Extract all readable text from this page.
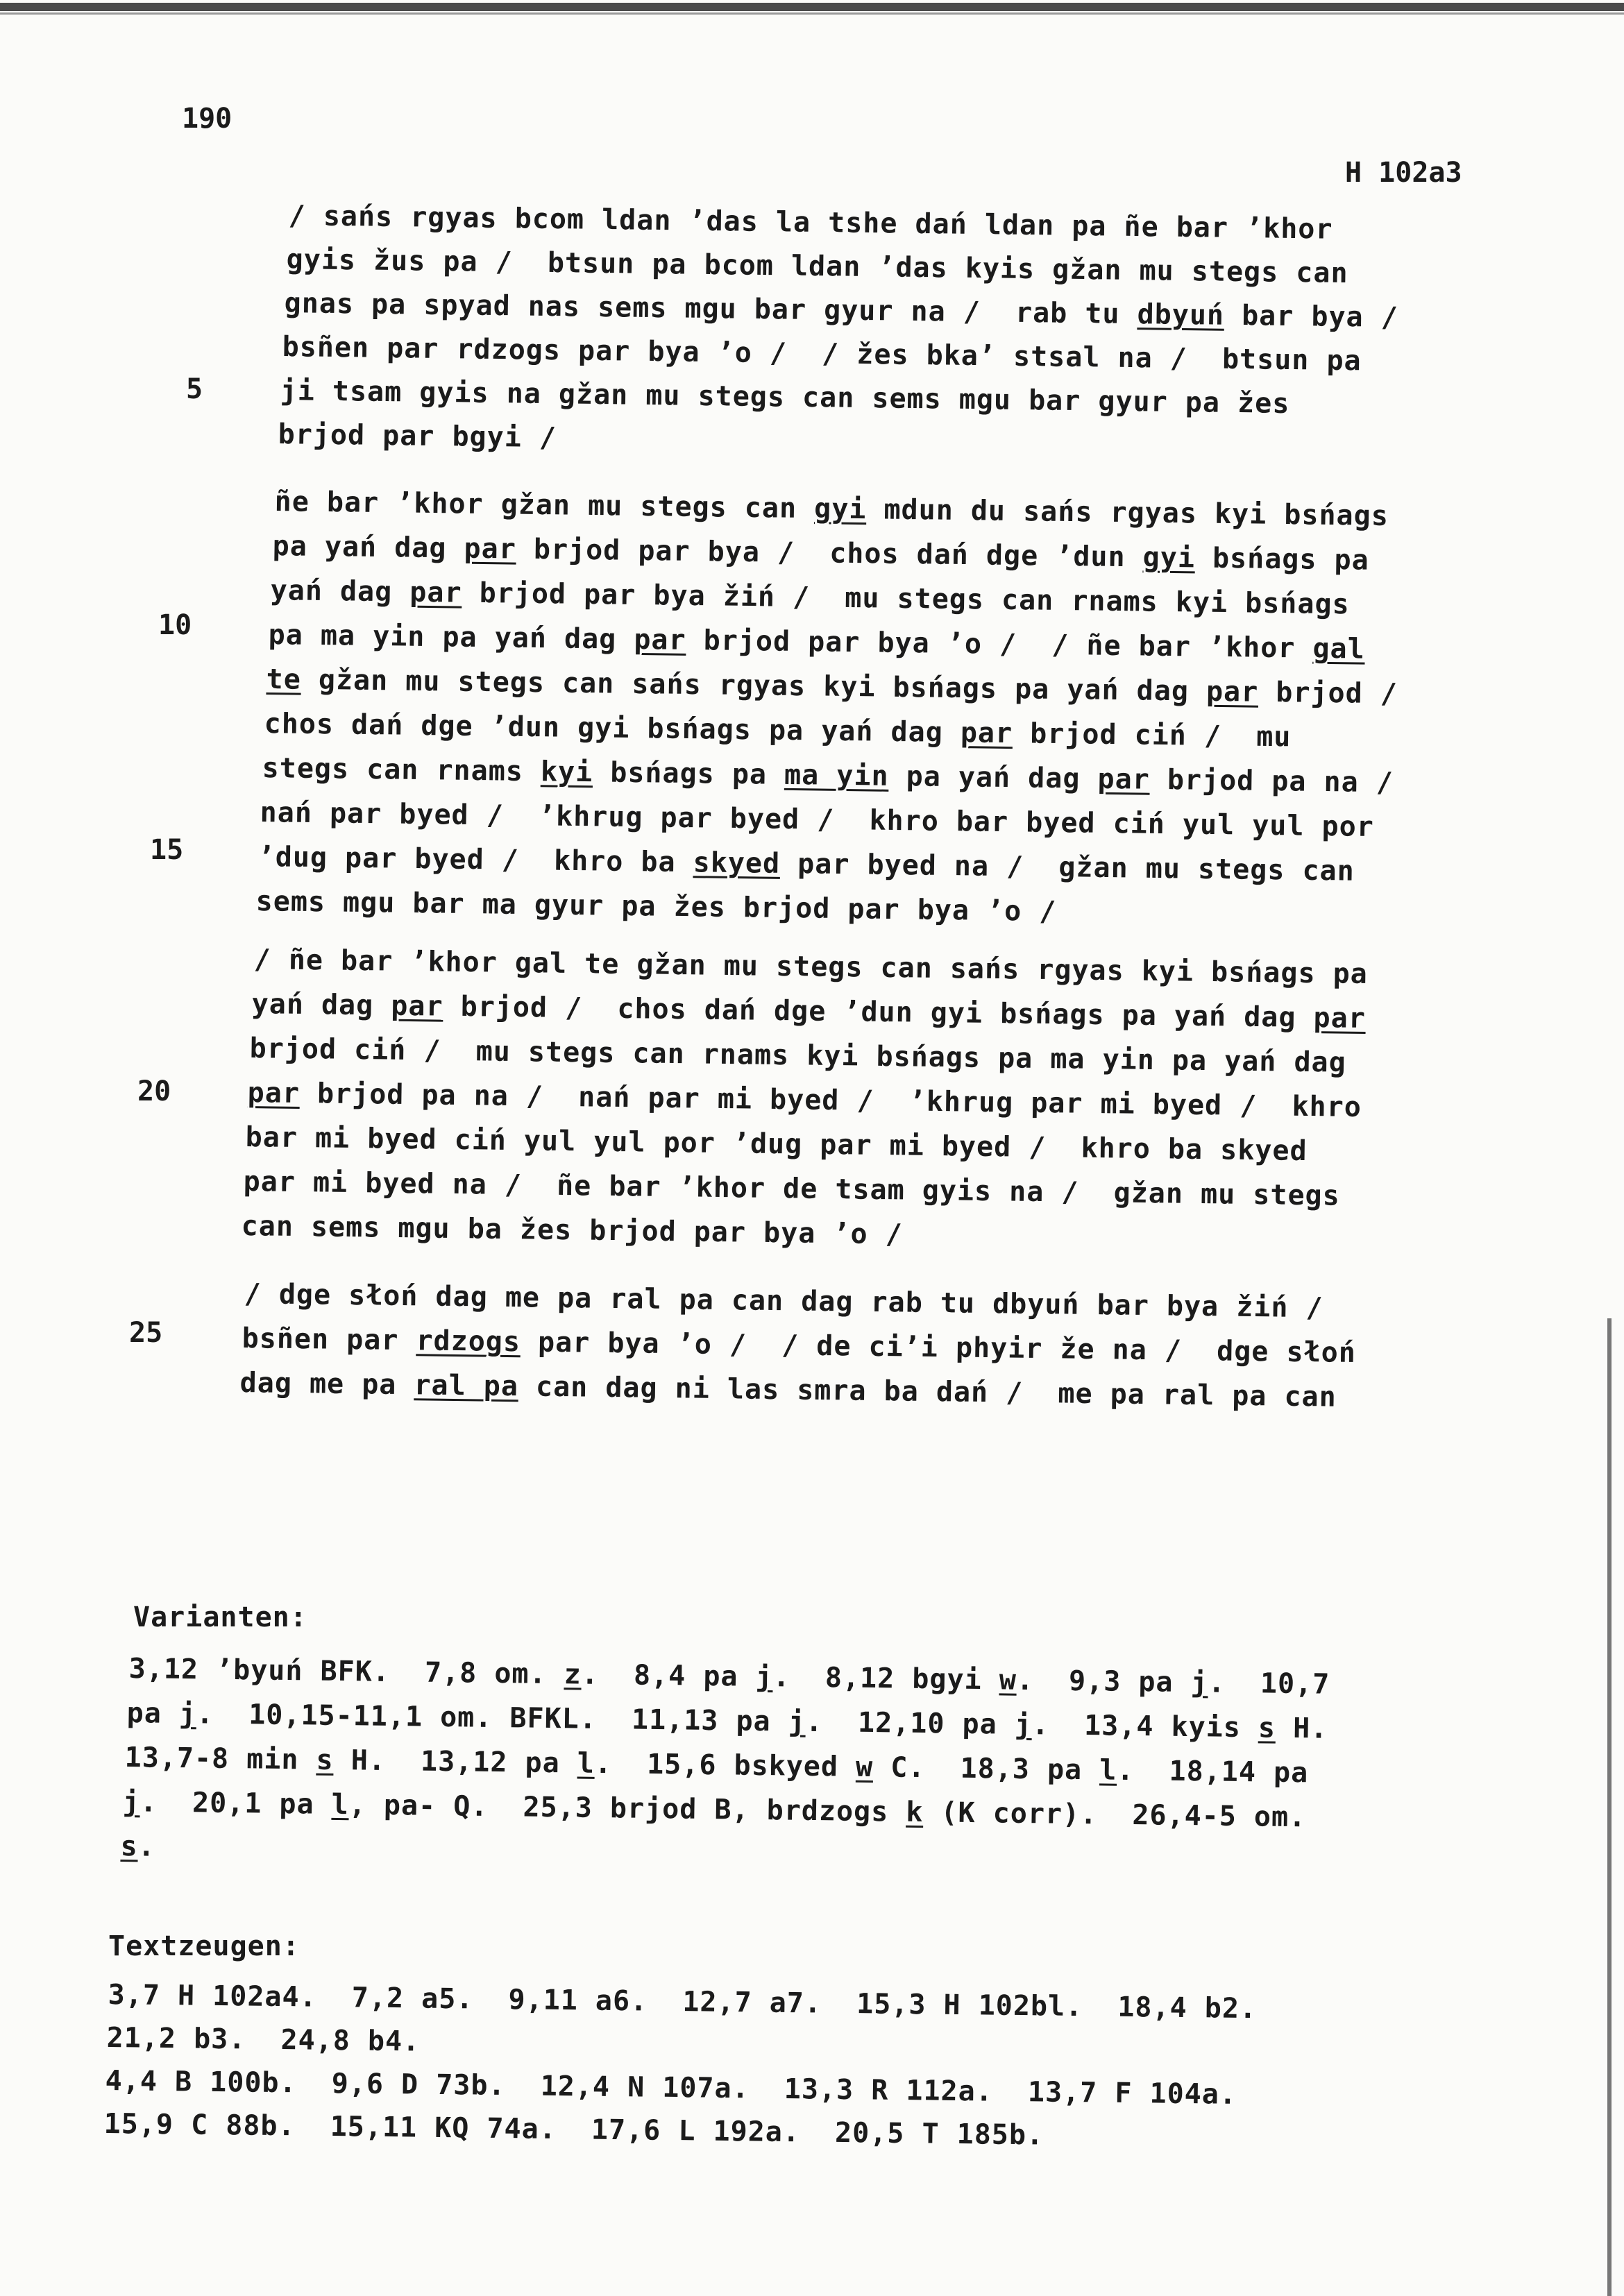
190
H 102a3
5
10
15
20
25
Varianten:
3,12 ’byuń BFK.  7,8 om. z.  8,4 pa j.  8,12 bgyi w.  9,3 pa j.  10,7
pa j.  10,15-11,1 om. BFKL.  11,13 pa j.  12,10 pa j.  13,4 kyis s H.
13,7-8 min s H.  13,12 pa l.  15,6 bskyed w C.  18,3 pa l.  18,14 pa
j.  20,1 pa l, pa- Q.  25,3 brjod B, brdzogs k (K corr).  26,4-5 om.
s.
Textzeugen:
3,7 H 102a4.  7,2 a5.  9,11 a6.  12,7 a7.  15,3 H 102bl.  18,4 b2.
21,2 b3.  24,8 b4.
4,4 B 100b.  9,6 D 73b.  12,4 N 107a.  13,3 R 112a.  13,7 F 104a.
15,9 C 88b.  15,11 KQ 74a.  17,6 L 192a.  20,5 T 185b.
/ sańs rgyas bcom ldan ’das la tshe dań ldan pa ñe bar ’khor
gyis žus pa /  btsun pa bcom ldan ’das kyis gžan mu stegs can
gnas pa spyad nas sems mgu bar gyur na /  rab tu dbyuń bar bya /
bsñen par rdzogs par bya ’o /  / žes bka’ stsal na /  btsun pa
ji tsam gyis na gžan mu stegs can sems mgu bar gyur pa žes
brjod par bgyi /
ñe bar ’khor gžan mu stegs can gyi mdun du sańs rgyas kyi bsńags
pa yań dag par brjod par bya /  chos dań dge ’dun gyi bsńags pa
yań dag par brjod par bya žiń /  mu stegs can rnams kyi bsńags
pa ma yin pa yań dag par brjod par bya ’o /  / ñe bar ’khor gal
te gžan mu stegs can sańs rgyas kyi bsńags pa yań dag par brjod /
chos dań dge ’dun gyi bsńags pa yań dag par brjod ciń /  mu
stegs can rnams kyi bsńags pa ma yin pa yań dag par brjod pa na /
nań par byed /  ’khrug par byed /  khro bar byed ciń yul yul por
’dug par byed /  khro ba skyed par byed na /  gžan mu stegs can
sems mgu bar ma gyur pa žes brjod par bya ’o /
/ ñe bar ’khor gal te gžan mu stegs can sańs rgyas kyi bsńags pa
yań dag par brjod /  chos dań dge ’dun gyi bsńags pa yań dag par
brjod ciń /  mu stegs can rnams kyi bsńags pa ma yin pa yań dag
par brjod pa na /  nań par mi byed /  ’khrug par mi byed /  khro
bar mi byed ciń yul yul por ’dug par mi byed /  khro ba skyed
par mi byed na /  ñe bar ’khor de tsam gyis na /  gžan mu stegs
can sems mgu ba žes brjod par bya ’o /
/ dge słoń dag me pa ral pa can dag rab tu dbyuń bar bya žiń /
bsñen par rdzogs par bya ’o /  / de ci’i phyir že na /  dge słoń
dag me pa ral pa can dag ni las smra ba dań /  me pa ral pa can
